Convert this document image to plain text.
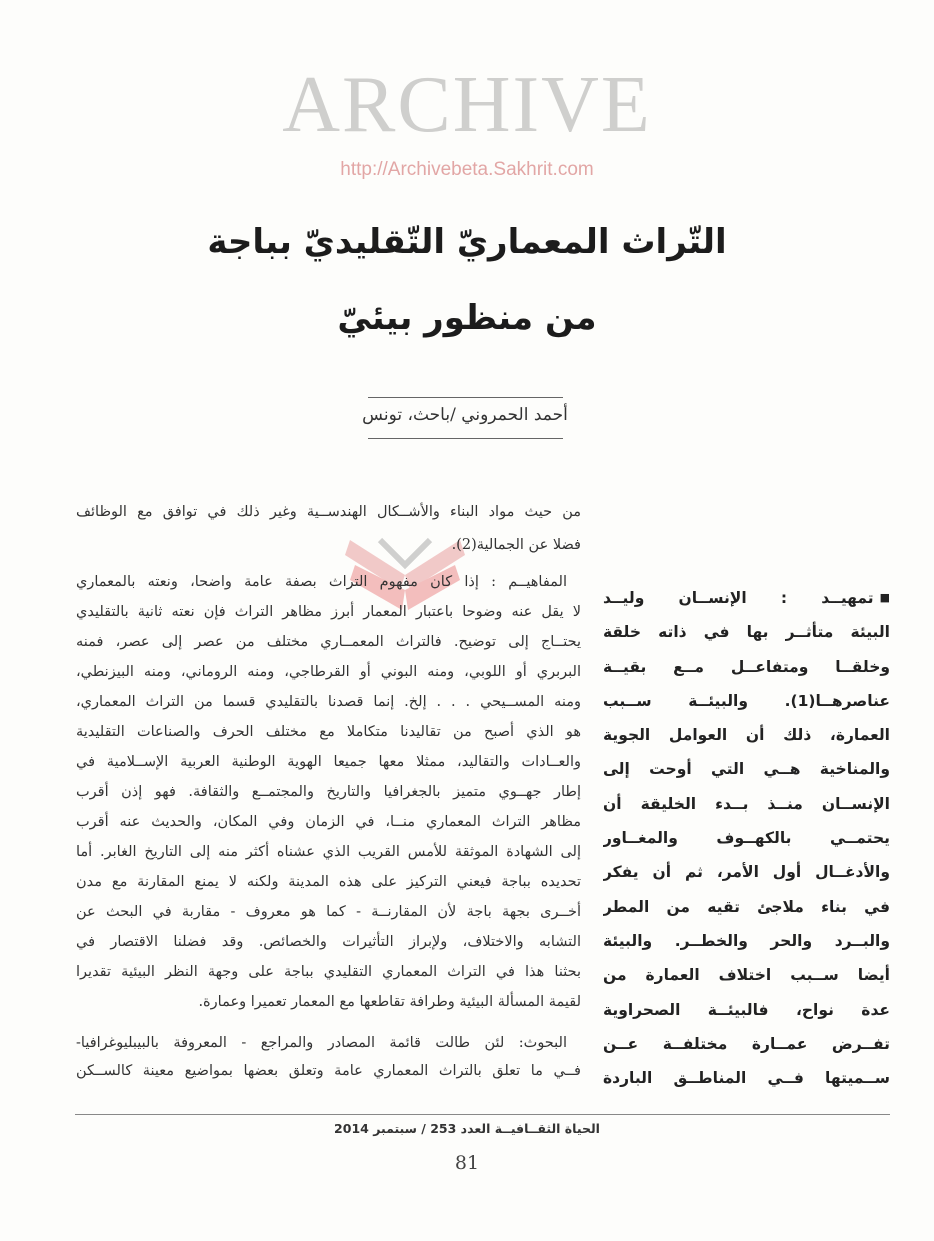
التّراث المعماريّ التّقليديّ بباجة
من منظور بيئيّ
أحمد الحمروني /باحث، تونس
ARCHIVE
http://Archivebeta.Sakhrit.com
من حيث مواد البناء والأشــكال الهندســية وغير ذلك في توافق مع الوظائف
فضلا عن الجمالية(2).
المفاهيــم : إذا كان مفهوم التراث بصفة عامة واضحا، ونعته بالمعماري
لا يقل عنه وضوحا باعتبار المعمار أبرز مظاهر التراث فإن نعته ثانية بالتقليدي
يحتــاج إلى توضيح. فالتراث المعمــاري مختلف من عصر إلى عصر، فمنه
البربري أو اللوبي، ومنه البوني أو القرطاجي، ومنه الروماني، ومنه البيزنطي،
ومنه المســيحي . . . إلخ. إنما قصدنا بالتقليدي قسما من التراث المعماري،
هو الذي أصبح من تقاليدنا متكاملا مع مختلف الحرف والصناعات التقليدية
والعــادات والتقاليد، ممثلا معها جميعا الهوية الوطنية العربية الإســلامية في
إطار جهــوي متميز بالجغرافيا والتاريخ والمجتمــع والثقافة. فهو إذن أقرب
مظاهر التراث المعماري منــا، في الزمان وفي المكان، والحديث عنه أقرب
إلى الشهادة الموثقة للأمس القريب الذي عشناه أكثر منه إلى التاريخ الغابر. أما
تحديده بباجة فيعني التركيز على هذه المدينة ولكنه لا يمنع المقارنة مع مدن
أخــرى بجهة باجة لأن المقارنــة - كما هو معروف - مقاربة في البحث عن
التشابه والاختلاف، ولإبراز التأثيرات والخصائص. وقد فضلنا الاقتصار في
بحثنا هذا في التراث المعماري التقليدي بباجة على وجهة النظر البيئية تقديرا
لقيمة المسألة البيئية وطرافة تقاطعها مع المعمار تعميرا وعمارة.
البحوث: لئن طالت قائمة المصادر والمراجع - المعروفة بالبيبليوغرافيا-
فــي ما تعلق بالتراث المعماري عامة وتعلق بعضها بمواضيع معينة كالســكن
■
تمهيــد : الإنســان وليــد
البيئة متأثــر بها في ذاته خلقة
وخلقــا ومتفاعــل مــع بقيــة
عناصرهــا(1). والبيئــة ســبب
العمارة، ذلك أن العوامل الجوية
والمناخية هــي التي أوحت إلى
الإنســان منــذ بــدء الخليقة أن
يحتمــي بالكهــوف والمغــاور
والأدغــال أول الأمر، ثم أن يفكر
في بناء ملاجئ تقيه من المطر
والبــرد والحر والخطــر. والبيئة
أيضا ســبب اختلاف العمارة من
عدة نواح، فالبيئــة الصحراوية
تفــرض عمــارة مختلفــة عــن
ســميتها فــي المناطــق الباردة
الحياة الثقــافيــة العدد 253 / سبتمبر 2014
81
